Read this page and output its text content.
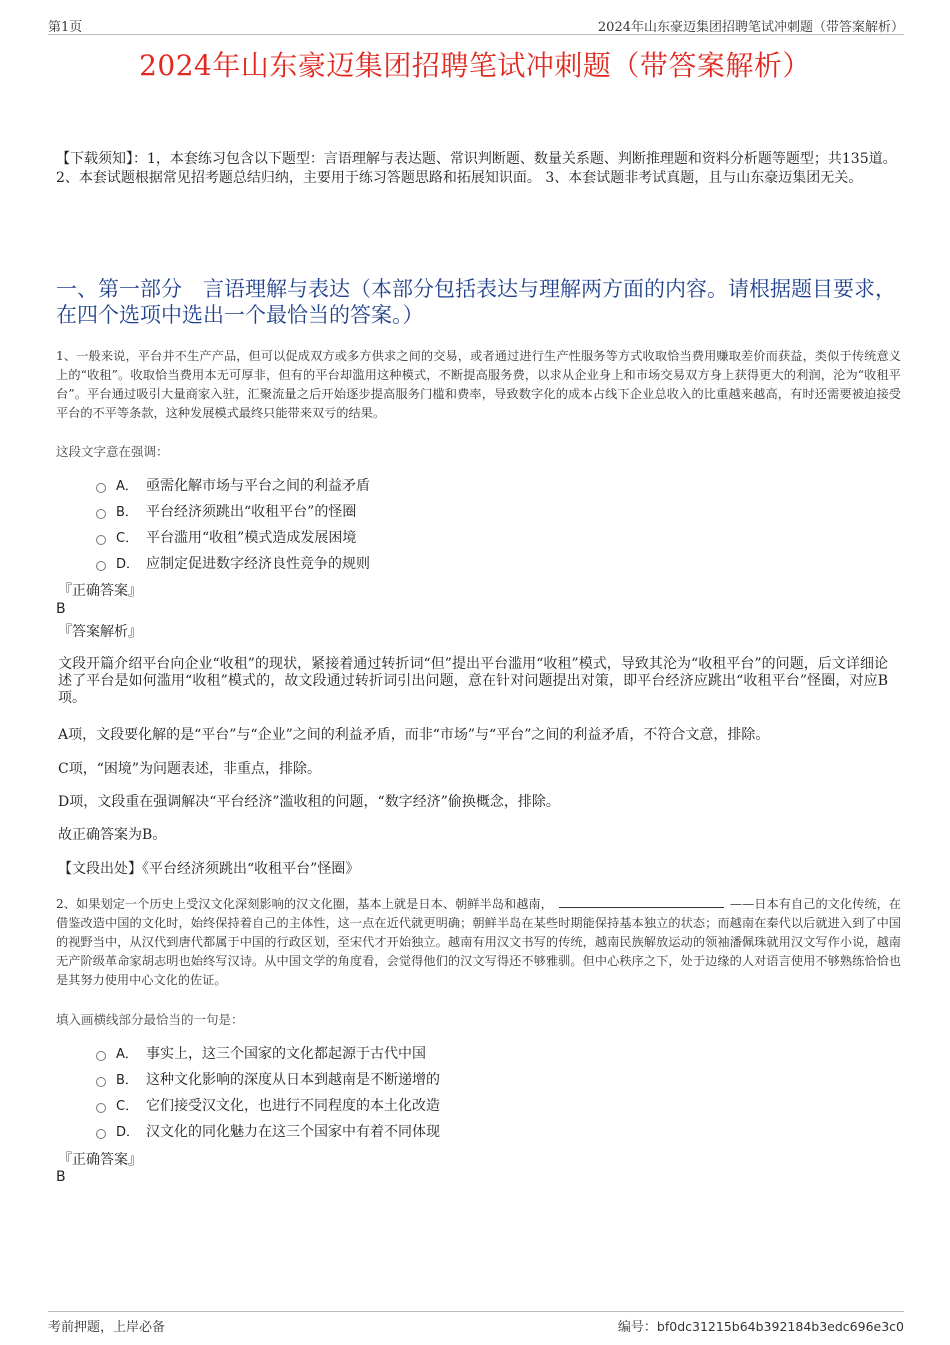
第1页	2024年山东豪迈集团招聘笔试冲刺题（带答案解析）
2024年山东豪迈集团招聘笔试冲刺题（带答案解析）
【下载须知】：1，本套练习包含以下题型：言语理解与表达题、常识判断题、数量关系题、判断推理题和资料分析题等题型；共135道。 2、本套试题根据常见招考题总结归纳，主要用于练习答题思路和拓展知识面。 3、本套试题非考试真题，且与山东豪迈集团无关。
一、第一部分　言语理解与表达（本部分包括表达与理解两方面的内容。请根据题目要求，在四个选项中选出一个最恰当的答案。）
1、一般来说，平台并不生产产品，但可以促成双方或多方供求之间的交易，或者通过进行生产性服务等方式收取恰当费用赚取差价而获益，类似于传统意义上的“收租”。收取恰当费用本无可厚非，但有的平台却滥用这种模式，不断提高服务费，以求从企业身上和市场交易双方身上获得更大的利润，沦为“收租平台”。平台通过吸引大量商家入驻，汇聚流量之后开始逐步提高服务门槛和费率，导致数字化的成本占线下企业总收入的比重越来越高，有时还需要被迫接受平台的不平等条款，这种发展模式最终只能带来双亏的结果。
这段文字意在强调：
A． 亟需化解市场与平台之间的利益矛盾
B． 平台经济须跳出“收租平台”的怪圈
C． 平台滥用“收租”模式造成发展困境
D． 应制定促进数字经济良性竞争的规则
『正确答案』
B
『答案解析』
文段开篇介绍平台向企业“收租”的现状，紧接着通过转折词“但”提出平台滥用“收租”模式，导致其沦为“收租平台”的问题，后文详细论述了平台是如何滥用“收租”模式的，故文段通过转折词引出问题，意在针对问题提出对策，即平台经济应跳出“收租平台”怪圈，对应B项。
A项，文段要化解的是“平台”与“企业”之间的利益矛盾，而非“市场”与“平台”之间的利益矛盾，不符合文意，排除。
C项，“困境”为问题表述，非重点，排除。
D项，文段重在强调解决“平台经济”滥收租的问题，“数字经济”偷换概念，排除。
故正确答案为B。
【文段出处】《平台经济须跳出“收租平台”怪圈》
2、如果划定一个历史上受汉文化深刻影响的汉文化圈，基本上就是日本、朝鲜半岛和越南，	——日本有自己的文化传统，在借鉴改造中国的文化时，始终保持着自己的主体性，这一点在近代就更明确；朝鲜半岛在某些时期能保持基本独立的状态；而越南在秦代以后就进入到了中国的视野当中，从汉代到唐代都属于中国的行政区划，至宋代才开始独立。越南有用汉文书写的传统，越南民族解放运动的领袖潘佩珠就用汉文写作小说，越南无产阶级革命家胡志明也始终写汉诗。从中国文学的角度看，会觉得他们的汉文写得还不够雅驯。但中心秩序之下，处于边缘的人对语言使用不够熟练恰恰也是其努力使用中心文化的佐证。
填入画横线部分最恰当的一句是：
A． 事实上，这三个国家的文化都起源于古代中国
B． 这种文化影响的深度从日本到越南是不断递增的
C． 它们接受汉文化，也进行不同程度的本土化改造
D． 汉文化的同化魅力在这三个国家中有着不同体现
『正确答案』
B
考前押题，上岸必备	编号：bf0dc31215b64b392184b3edc696e3c0
